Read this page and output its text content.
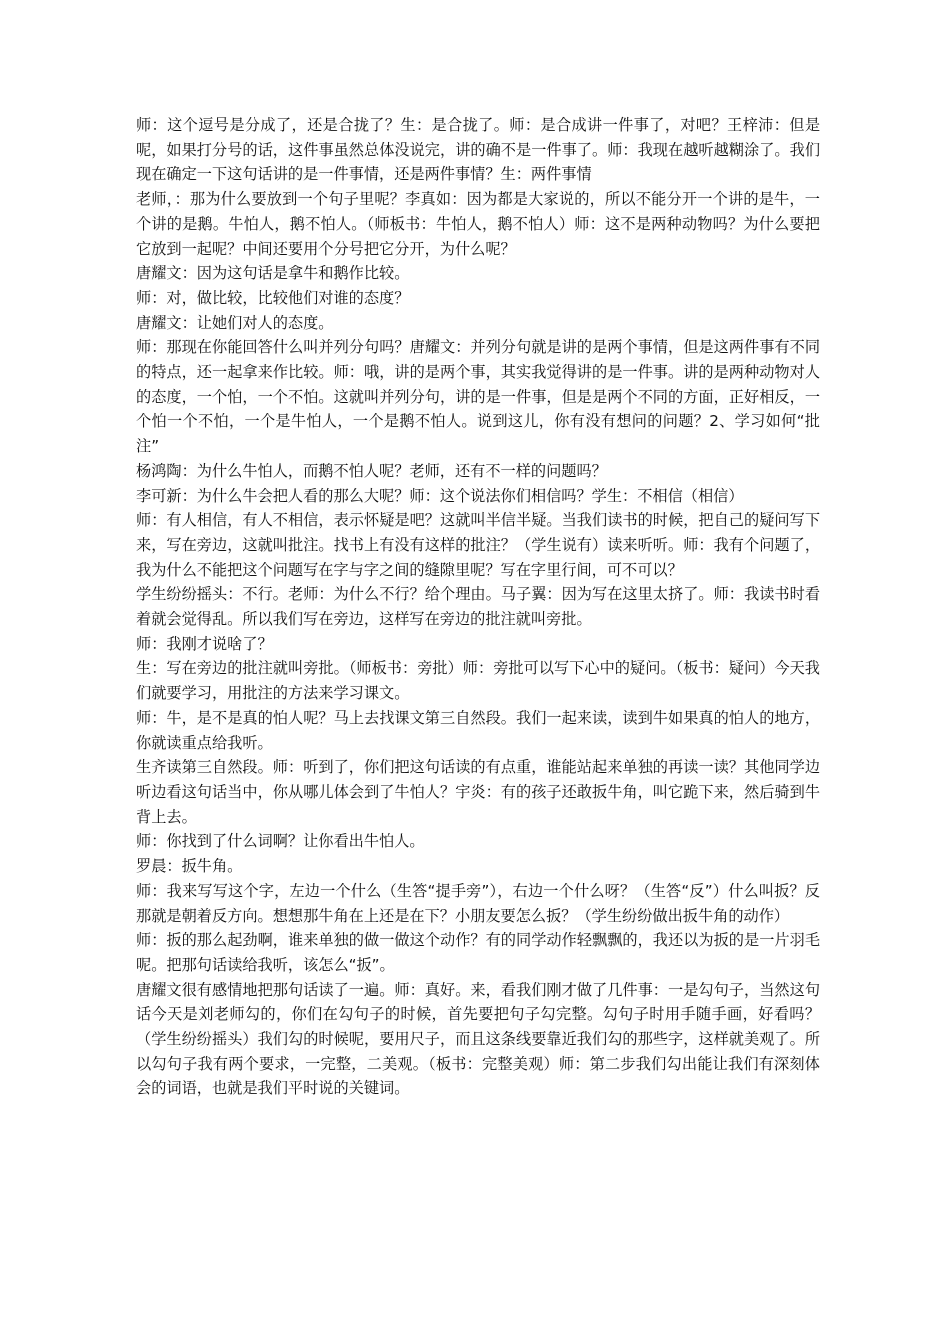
师：这个逗号是分成了，还是合拢了？生：是合拢了。师：是合成讲一件事了，对吧？王梓沛：但是呢，如果打分号的话，这件事虽然总体没说完，讲的确不是一件事了。师：我现在越听越糊涂了。我们现在确定一下这句话讲的是一件事情，还是两件事情？生：两件事情

老师，：那为什么要放到一个句子里呢？李真如：因为都是大家说的，所以不能分开一个讲的是牛，一个讲的是鹅。牛怕人，鹅不怕人。（师板书：牛怕人，鹅不怕人）师：这不是两种动物吗？为什么要把它放到一起呢？中间还要用个分号把它分开，为什么呢？

唐耀文：因为这句话是拿牛和鹅作比较。

师：对，做比较，比较他们对谁的态度？

唐耀文：让她们对人的态度。

师：那现在你能回答什么叫并列分句吗？唐耀文：并列分句就是讲的是两个事情，但是这两件事有不同的特点，还一起拿来作比较。师：哦，讲的是两个事，其实我觉得讲的是一件事。讲的是两种动物对人的态度，一个怕，一个不怕。这就叫并列分句，讲的是一件事，但是是两个不同的方面，正好相反，一个怕一个不怕，一个是牛怕人，一个是鹅不怕人。说到这儿，你有没有想问的问题？2、学习如何“批注”

杨鸿陶：为什么牛怕人，而鹅不怕人呢？老师，还有不一样的问题吗？

李可新：为什么牛会把人看的那么大呢？师：这个说法你们相信吗？学生：不相信（相信）

师：有人相信，有人不相信，表示怀疑是吧？这就叫半信半疑。当我们读书的时候，把自己的疑问写下来，写在旁边，这就叫批注。找书上有没有这样的批注？（学生说有）读来听听。师：我有个问题了，我为什么不能把这个问题写在字与字之间的缝隙里呢？写在字里行间，可不可以？

学生纷纷摇头：不行。老师：为什么不行？给个理由。马子翼：因为写在这里太挤了。师：我读书时看着就会觉得乱。所以我们写在旁边，这样写在旁边的批注就叫旁批。

师：我刚才说啥了？

生：写在旁边的批注就叫旁批。（师板书：旁批）师：旁批可以写下心中的疑问。（板书：疑问）今天我们就要学习，用批注的方法来学习课文。

师：牛，是不是真的怕人呢？马上去找课文第三自然段。我们一起来读，读到牛如果真的怕人的地方，你就读重点给我听。

生齐读第三自然段。师：听到了，你们把这句话读的有点重，谁能站起来单独的再读一读？其他同学边听边看这句话当中，你从哪儿体会到了牛怕人？宇炎：有的孩子还敢扳牛角，叫它跪下来，然后骑到牛背上去。

师：你找到了什么词啊？让你看出牛怕人。

罗晨：扳牛角。

师：我来写写这个字，左边一个什么（生答“提手旁”），右边一个什么呀？（生答“反”）什么叫扳？反那就是朝着反方向。想想那牛角在上还是在下？小朋友要怎么扳？（学生纷纷做出扳牛角的动作）

师：扳的那么起劲啊，谁来单独的做一做这个动作？有的同学动作轻飘飘的，我还以为扳的是一片羽毛呢。把那句话读给我听，该怎么“扳”。

唐耀文很有感情地把那句话读了一遍。师：真好。来，看我们刚才做了几件事：一是勾句子，当然这句话今天是刘老师勾的，你们在勾句子的时候，首先要把句子勾完整。勾句子时用手随手画，好看吗？（学生纷纷摇头）我们勾的时候呢，要用尺子，而且这条线要靠近我们勾的那些字，这样就美观了。所以勾句子我有两个要求，一完整，二美观。（板书：完整美观）师：第二步我们勾出能让我们有深刻体会的词语，也就是我们平时说的关键词。
